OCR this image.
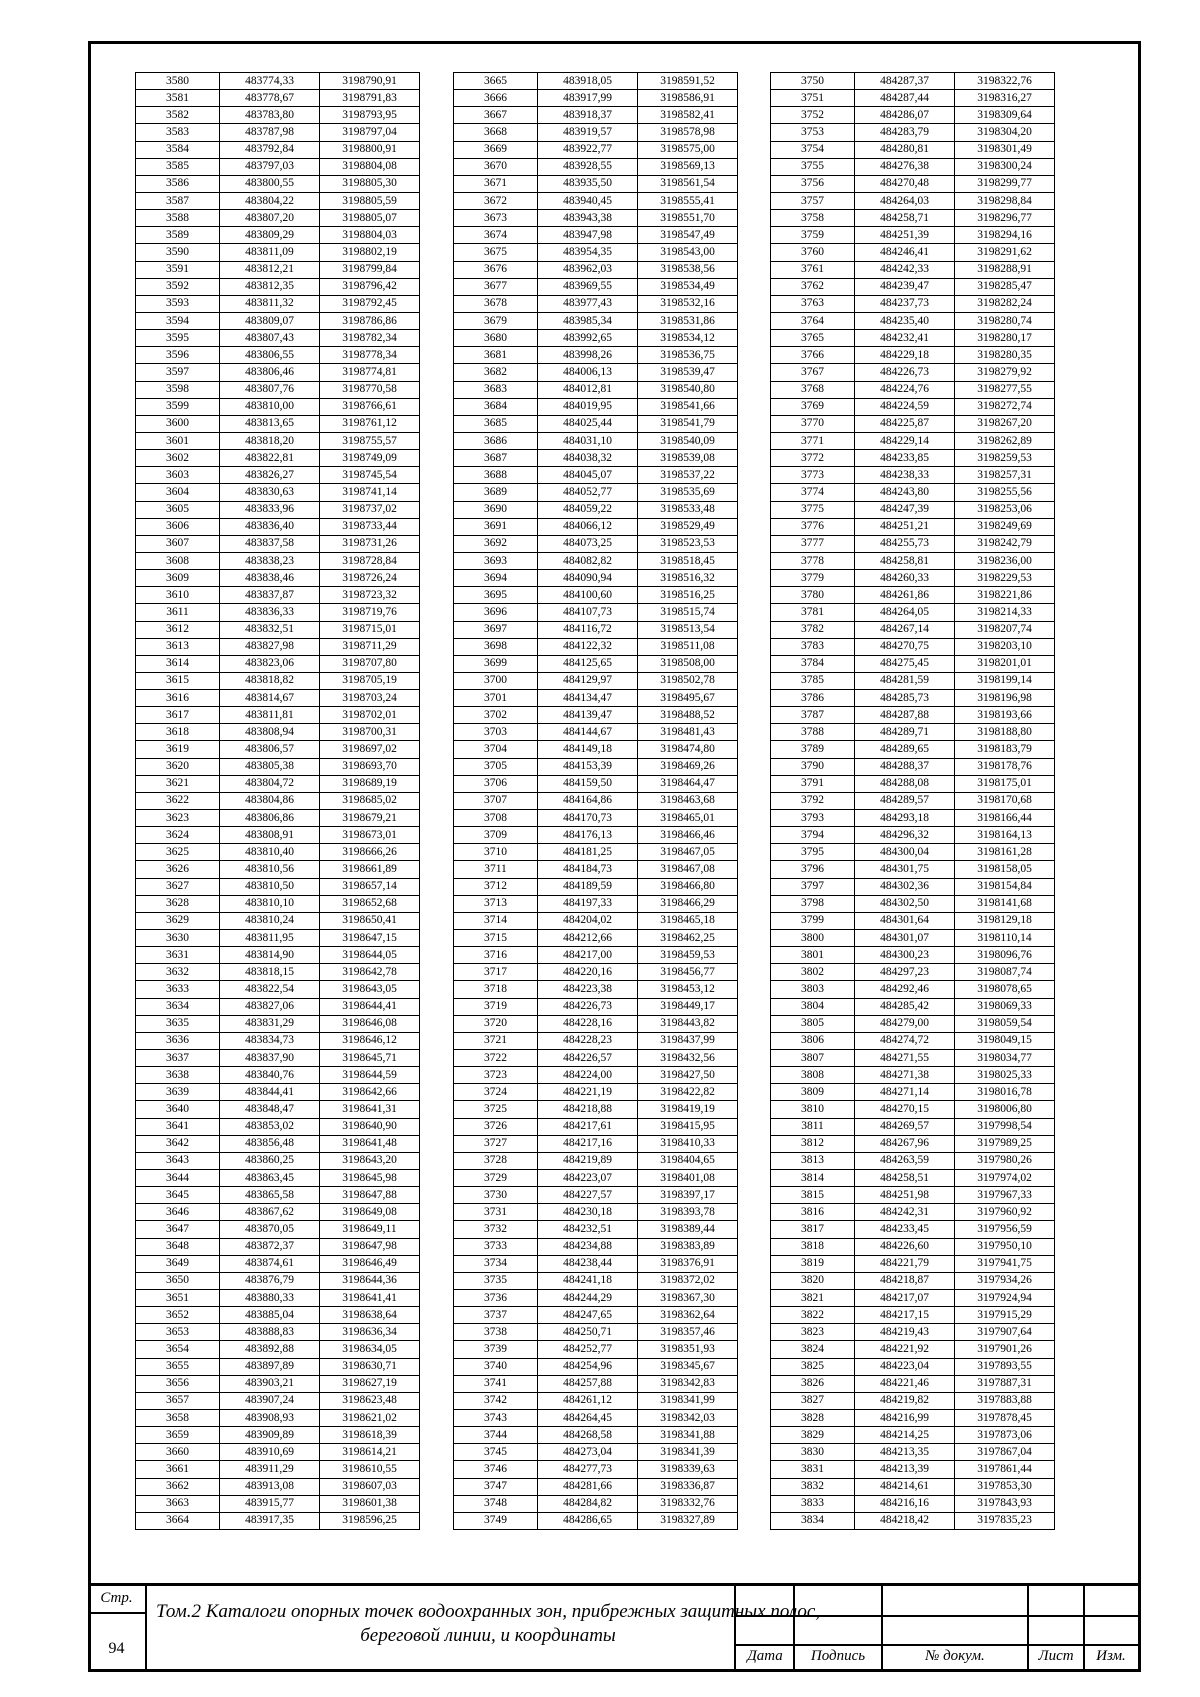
3580	483774,33	3198790,91
3581	483778,67	3198791,83
3582	483783,80	3198793,95
3583	483787,98	3198797,04
3584	483792,84	3198800,91
3585	483797,03	3198804,08
3586	483800,55	3198805,30
3587	483804,22	3198805,59
3588	483807,20	3198805,07
3589	483809,29	3198804,03
3590	483811,09	3198802,19
3591	483812,21	3198799,84
3592	483812,35	3198796,42
3593	483811,32	3198792,45
3594	483809,07	3198786,86
3595	483807,43	3198782,34
3596	483806,55	3198778,34
3597	483806,46	3198774,81
3598	483807,76	3198770,58
3599	483810,00	3198766,61
3600	483813,65	3198761,12
3601	483818,20	3198755,57
3602	483822,81	3198749,09
3603	483826,27	3198745,54
3604	483830,63	3198741,14
3605	483833,96	3198737,02
3606	483836,40	3198733,44
3607	483837,58	3198731,26
3608	483838,23	3198728,84
3609	483838,46	3198726,24
3610	483837,87	3198723,32
3611	483836,33	3198719,76
3612	483832,51	3198715,01
3613	483827,98	3198711,29
3614	483823,06	3198707,80
3615	483818,82	3198705,19
3616	483814,67	3198703,24
3617	483811,81	3198702,01
3618	483808,94	3198700,31
3619	483806,57	3198697,02
3620	483805,38	3198693,70
3621	483804,72	3198689,19
3622	483804,86	3198685,02
3623	483806,86	3198679,21
3624	483808,91	3198673,01
3625	483810,40	3198666,26
3626	483810,56	3198661,89
3627	483810,50	3198657,14
3628	483810,10	3198652,68
3629	483810,24	3198650,41
3630	483811,95	3198647,15
3631	483814,90	3198644,05
3632	483818,15	3198642,78
3633	483822,54	3198643,05
3634	483827,06	3198644,41
3635	483831,29	3198646,08
3636	483834,73	3198646,12
3637	483837,90	3198645,71
3638	483840,76	3198644,59
3639	483844,41	3198642,66
3640	483848,47	3198641,31
3641	483853,02	3198640,90
3642	483856,48	3198641,48
3643	483860,25	3198643,20
3644	483863,45	3198645,98
3645	483865,58	3198647,88
3646	483867,62	3198649,08
3647	483870,05	3198649,11
3648	483872,37	3198647,98
3649	483874,61	3198646,49
3650	483876,79	3198644,36
3651	483880,33	3198641,41
3652	483885,04	3198638,64
3653	483888,83	3198636,34
3654	483892,88	3198634,05
3655	483897,89	3198630,71
3656	483903,21	3198627,19
3657	483907,24	3198623,48
3658	483908,93	3198621,02
3659	483909,89	3198618,39
3660	483910,69	3198614,21
3661	483911,29	3198610,55
3662	483913,08	3198607,03
3663	483915,77	3198601,38
3664	483917,35	3198596,25
3665	483918,05	3198591,52
3666	483917,99	3198586,91
3667	483918,37	3198582,41
3668	483919,57	3198578,98
3669	483922,77	3198575,00
3670	483928,55	3198569,13
3671	483935,50	3198561,54
3672	483940,45	3198555,41
3673	483943,38	3198551,70
3674	483947,98	3198547,49
3675	483954,35	3198543,00
3676	483962,03	3198538,56
3677	483969,55	3198534,49
3678	483977,43	3198532,16
3679	483985,34	3198531,86
3680	483992,65	3198534,12
3681	483998,26	3198536,75
3682	484006,13	3198539,47
3683	484012,81	3198540,80
3684	484019,95	3198541,66
3685	484025,44	3198541,79
3686	484031,10	3198540,09
3687	484038,32	3198539,08
3688	484045,07	3198537,22
3689	484052,77	3198535,69
3690	484059,22	3198533,48
3691	484066,12	3198529,49
3692	484073,25	3198523,53
3693	484082,82	3198518,45
3694	484090,94	3198516,32
3695	484100,60	3198516,25
3696	484107,73	3198515,74
3697	484116,72	3198513,54
3698	484122,32	3198511,08
3699	484125,65	3198508,00
3700	484129,97	3198502,78
3701	484134,47	3198495,67
3702	484139,47	3198488,52
3703	484144,67	3198481,43
3704	484149,18	3198474,80
3705	484153,39	3198469,26
3706	484159,50	3198464,47
3707	484164,86	3198463,68
3708	484170,73	3198465,01
3709	484176,13	3198466,46
3710	484181,25	3198467,05
3711	484184,73	3198467,08
3712	484189,59	3198466,80
3713	484197,33	3198466,29
3714	484204,02	3198465,18
3715	484212,66	3198462,25
3716	484217,00	3198459,53
3717	484220,16	3198456,77
3718	484223,38	3198453,12
3719	484226,73	3198449,17
3720	484228,16	3198443,82
3721	484228,23	3198437,99
3722	484226,57	3198432,56
3723	484224,00	3198427,50
3724	484221,19	3198422,82
3725	484218,88	3198419,19
3726	484217,61	3198415,95
3727	484217,16	3198410,33
3728	484219,89	3198404,65
3729	484223,07	3198401,08
3730	484227,57	3198397,17
3731	484230,18	3198393,78
3732	484232,51	3198389,44
3733	484234,88	3198383,89
3734	484238,44	3198376,91
3735	484241,18	3198372,02
3736	484244,29	3198367,30
3737	484247,65	3198362,64
3738	484250,71	3198357,46
3739	484252,77	3198351,93
3740	484254,96	3198345,67
3741	484257,88	3198342,83
3742	484261,12	3198341,99
3743	484264,45	3198342,03
3744	484268,58	3198341,88
3745	484273,04	3198341,39
3746	484277,73	3198339,63
3747	484281,66	3198336,87
3748	484284,82	3198332,76
3749	484286,65	3198327,89
3750	484287,37	3198322,76
3751	484287,44	3198316,27
3752	484286,07	3198309,64
3753	484283,79	3198304,20
3754	484280,81	3198301,49
3755	484276,38	3198300,24
3756	484270,48	3198299,77
3757	484264,03	3198298,84
3758	484258,71	3198296,77
3759	484251,39	3198294,16
3760	484246,41	3198291,62
3761	484242,33	3198288,91
3762	484239,47	3198285,47
3763	484237,73	3198282,24
3764	484235,40	3198280,74
3765	484232,41	3198280,17
3766	484229,18	3198280,35
3767	484226,73	3198279,92
3768	484224,76	3198277,55
3769	484224,59	3198272,74
3770	484225,87	3198267,20
3771	484229,14	3198262,89
3772	484233,85	3198259,53
3773	484238,33	3198257,31
3774	484243,80	3198255,56
3775	484247,39	3198253,06
3776	484251,21	3198249,69
3777	484255,73	3198242,79
3778	484258,81	3198236,00
3779	484260,33	3198229,53
3780	484261,86	3198221,86
3781	484264,05	3198214,33
3782	484267,14	3198207,74
3783	484270,75	3198203,10
3784	484275,45	3198201,01
3785	484281,59	3198199,14
3786	484285,73	3198196,98
3787	484287,88	3198193,66
3788	484289,71	3198188,80
3789	484289,65	3198183,79
3790	484288,37	3198178,76
3791	484288,08	3198175,01
3792	484289,57	3198170,68
3793	484293,18	3198166,44
3794	484296,32	3198164,13
3795	484300,04	3198161,28
3796	484301,75	3198158,05
3797	484302,36	3198154,84
3798	484302,50	3198141,68
3799	484301,64	3198129,18
3800	484301,07	3198110,14
3801	484300,23	3198096,76
3802	484297,23	3198087,74
3803	484292,46	3198078,65
3804	484285,42	3198069,33
3805	484279,00	3198059,54
3806	484274,72	3198049,15
3807	484271,55	3198034,77
3808	484271,38	3198025,33
3809	484271,14	3198016,78
3810	484270,15	3198006,80
3811	484269,57	3197998,54
3812	484267,96	3197989,25
3813	484263,59	3197980,26
3814	484258,51	3197974,02
3815	484251,98	3197967,33
3816	484242,31	3197960,92
3817	484233,45	3197956,59
3818	484226,60	3197950,10
3819	484221,79	3197941,75
3820	484218,87	3197934,26
3821	484217,07	3197924,94
3822	484217,15	3197915,29
3823	484219,43	3197907,64
3824	484221,92	3197901,26
3825	484223,04	3197893,55
3826	484221,46	3197887,31
3827	484219,82	3197883,88
3828	484216,99	3197878,45
3829	484214,25	3197873,06
3830	484213,35	3197867,04
3831	484213,39	3197861,44
3832	484214,61	3197853,30
3833	484216,16	3197843,93
3834	484218,42	3197835,23
Стр.
94
Том.2 Каталоги опорных точек водоохранных зон, прибрежных защитных полос, береговой линии, и координаты
Дата	Подпись	№ докум.	Лист	Изм.
